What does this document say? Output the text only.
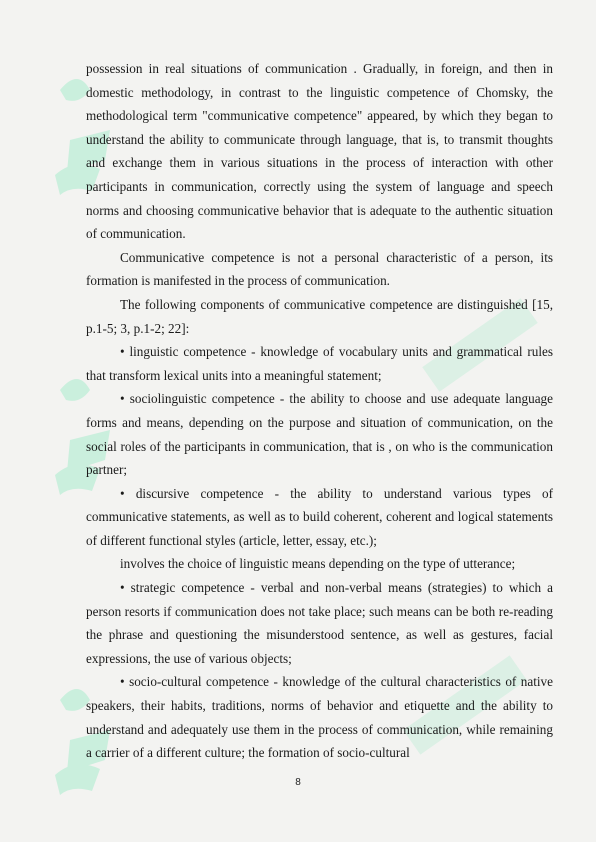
possession in real situations of communication . Gradually, in foreign, and then in domestic methodology, in contrast to the linguistic competence of Chomsky, the methodological term "communicative competence" appeared, by which they began to understand the ability to communicate through language, that is, to transmit thoughts and exchange them in various situations in the process of interaction with other participants in communication, correctly using the system of language and speech norms and choosing communicative behavior that is adequate to the authentic situation of communication.

Communicative competence is not a personal characteristic of a person, its formation is manifested in the process of communication.

The following components of communicative competence are distinguished [15, p.1-5; 3, p.1-2; 22]:

• linguistic competence - knowledge of vocabulary units and grammatical rules that transform lexical units into a meaningful statement;

• sociolinguistic competence - the ability to choose and use adequate language forms and means, depending on the purpose and situation of communication, on the social roles of the participants in communication, that is , on who is the communication partner;

• discursive competence - the ability to understand various types of communicative statements, as well as to build coherent, coherent and logical statements of different functional styles (article, letter, essay, etc.);

involves the choice of linguistic means depending on the type of utterance;

• strategic competence - verbal and non-verbal means (strategies) to which a person resorts if communication does not take place; such means can be both re-reading the phrase and questioning the misunderstood sentence, as well as gestures, facial expressions, the use of various objects;

• socio-cultural competence - knowledge of the cultural characteristics of native speakers, their habits, traditions, norms of behavior and etiquette and the ability to understand and adequately use them in the process of communication, while remaining a carrier of a different culture; the formation of socio-cultural

8
